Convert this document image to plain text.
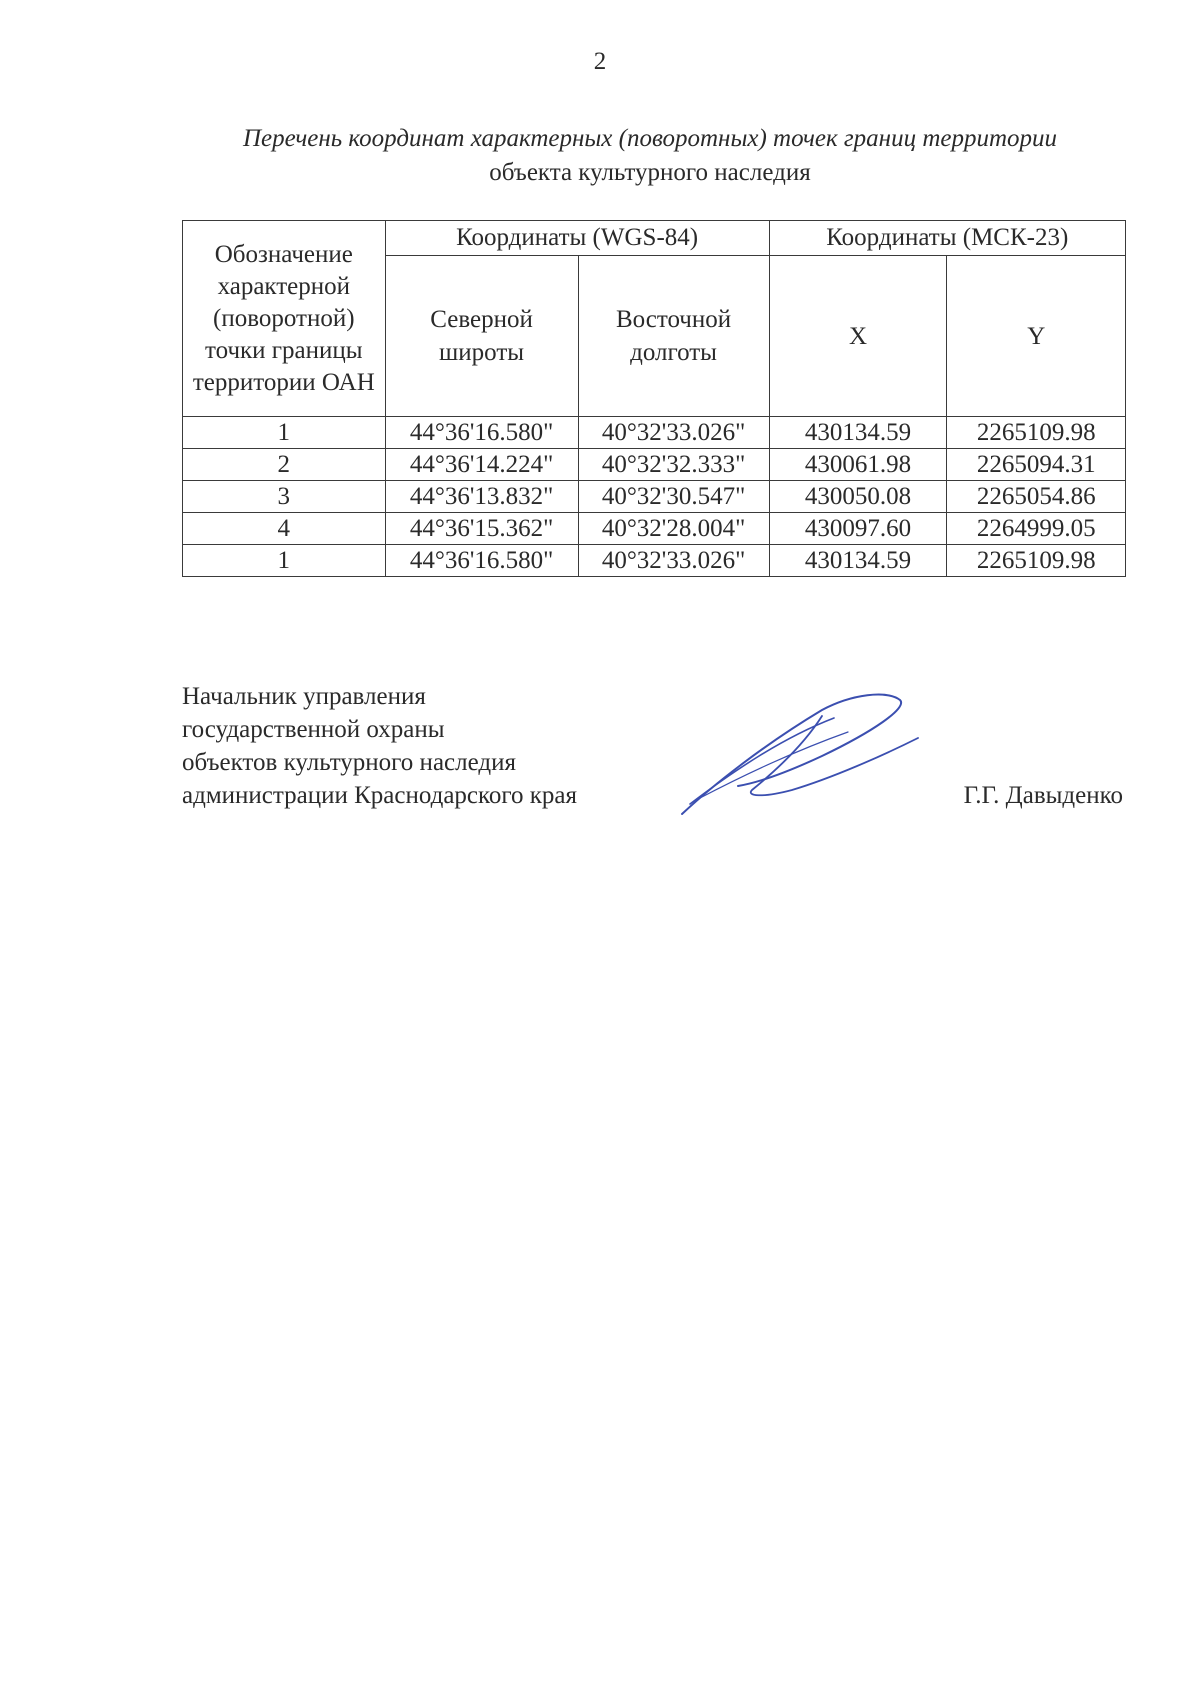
2
Перечень координат характерных (поворотных) точек границ территории
объекта культурного наследия
Обозначение характерной (поворотной) точки границы территории ОАН	Координаты (WGS-84)		Координаты (МСК-23)	
	Северной широты	Восточной долготы	X	Y
1	44°36'16.580"	40°32'33.026"	430134.59	2265109.98
2	44°36'14.224"	40°32'32.333"	430061.98	2265094.31
3	44°36'13.832"	40°32'30.547"	430050.08	2265054.86
4	44°36'15.362"	40°32'28.004"	430097.60	2264999.05
1	44°36'16.580"	40°32'33.026"	430134.59	2265109.98
Начальник управления
государственной охраны
объектов культурного наследия
администрации Краснодарского края	Г.Г. Давыденко
